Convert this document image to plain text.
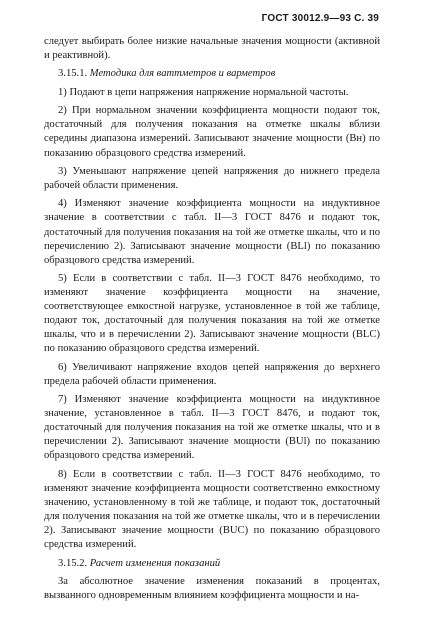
ГОСТ 30012.9—93 С. 39

следует выбирать более низкие начальные значения мощности (активной и реактивной).

3.15.1. Методика для ваттметров и варметров

1) Подают в цепи напряжения напряжение нормальной частоты.

2) При нормальном значении коэффициента мощности подают ток, достаточный для получения показания на отметке шкалы вблизи середины диапазона измерений. Записывают значение мощности (Bн) по показанию образцового средства измерений.

3) Уменьшают напряжение цепей напряжения до нижнего предела рабочей области применения.

4) Изменяют значение коэффициента мощности на индуктивное значение в соответствии с табл. II—3 ГОСТ 8476 и подают ток, достаточный для получения показания на той же отметке шкалы, что и по перечислению 2). Записывают значение мощности (BLl) по показанию образцового средства измерений.

5) Если в соответствии с табл. II—3 ГОСТ 8476 необходимо, то изменяют значение коэффициента мощности на значение, соответствующее емкостной нагрузке, установленное в той же таблице, подают ток, достаточный для получения показания на той же отметке шкалы, что и в перечислении 2). Записывают значение мощности (BLC) по показанию образцового средства измерений.

6) Увеличивают напряжение входов цепей напряжения до верхнего предела рабочей области применения.

7) Изменяют значение коэффициента мощности на индуктивное значение, установленное в табл. II—3 ГОСТ 8476, и подают ток, достаточный для получения показания на той же отметке шкалы, что и в перечислении 2). Записывают значение мощности (BUl) по показанию образцового средства измерений.

8) Если в соответствии с табл. II—3 ГОСТ 8476 необходимо, то изменяют значение коэффициента мощности соответственно емкостному значению, установленному в той же таблице, и подают ток, достаточный для получения показания на той же отметке шкалы, что и в перечислении 2). Записывают значение мощности (BUC) по показанию образцового средства измерений.

3.15.2. Расчет изменения показаний

За абсолютное значение изменения показаний в процентах, вызванного одновременным влиянием коэффициента мощности и на-
